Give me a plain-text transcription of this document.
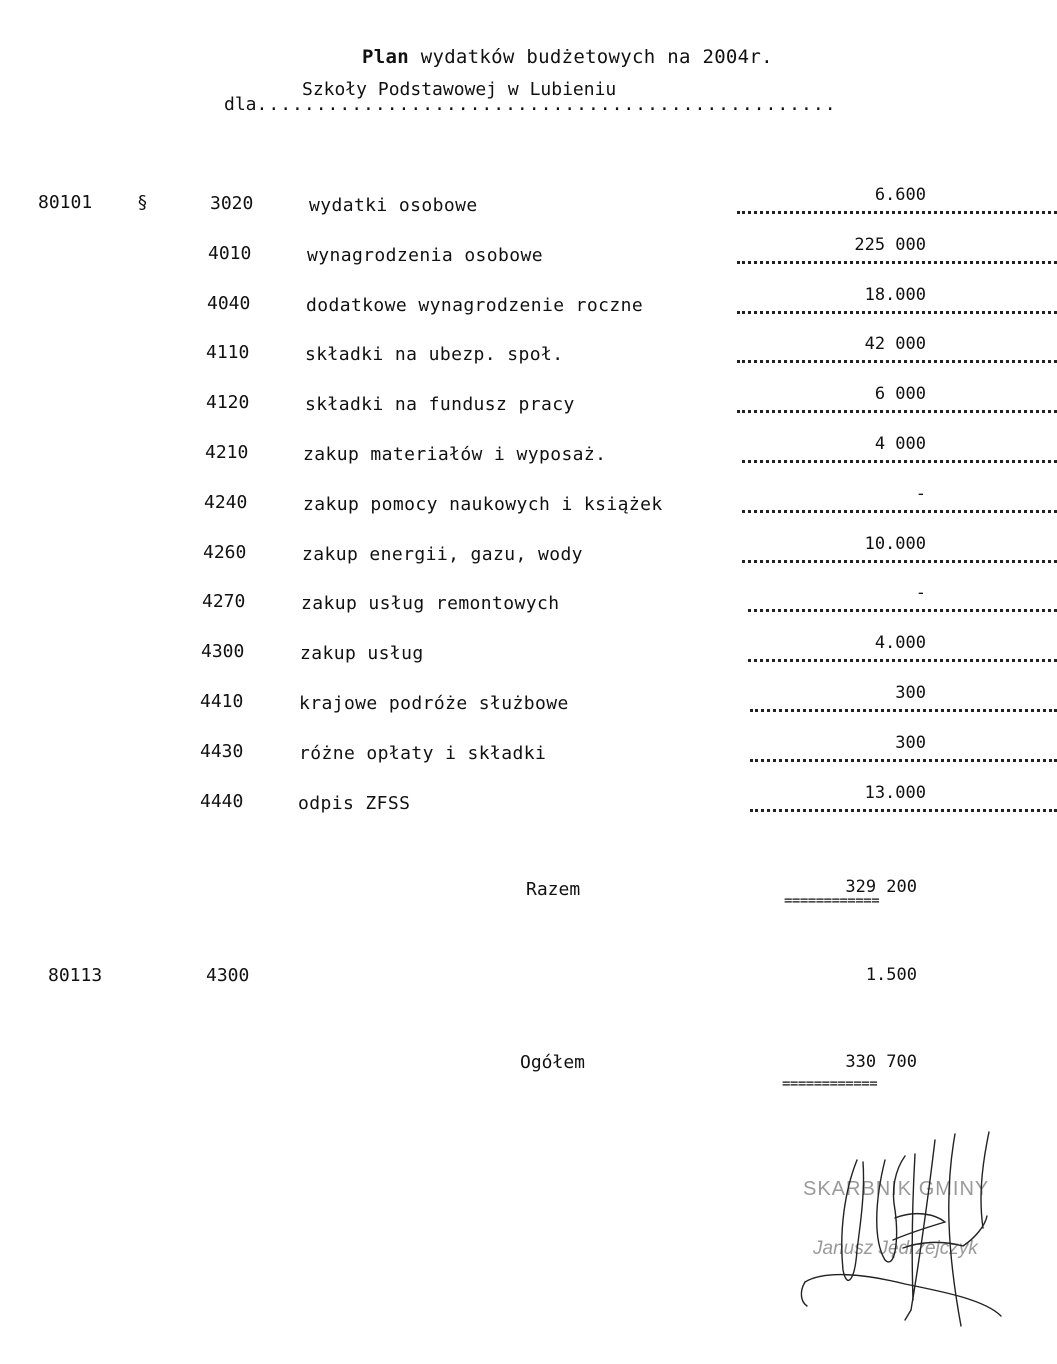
Plan wydatków budżetowych na 2004r.
Szkoły Podstawowej w Lubieniu
dla.................................................
80101 §	3020	wydatki osobowe	6.600
4010	wynagrodzenia osobowe	225 000
4040	dodatkowe wynagrodzenie roczne	18.000
4110	składki na ubezp. społ.	42 000
4120	składki na fundusz pracy	6 000
4210	zakup materiałów i wyposaż.	4 000
4240	zakup pomocy naukowych i książek	-
4260	zakup energii, gazu, wody	10.000
4270	zakup usług remontowych	-
4300	zakup usług	4.000
4410	krajowe podróże służbowe	300
4430	różne opłaty i składki	300
4440	odpis ZFSS	13.000
Razem	329 200
============
80113	4300	1.500
Ogółem	330 700
============
SKARBNIK GMINY
Janusz Jędrzejczyk
